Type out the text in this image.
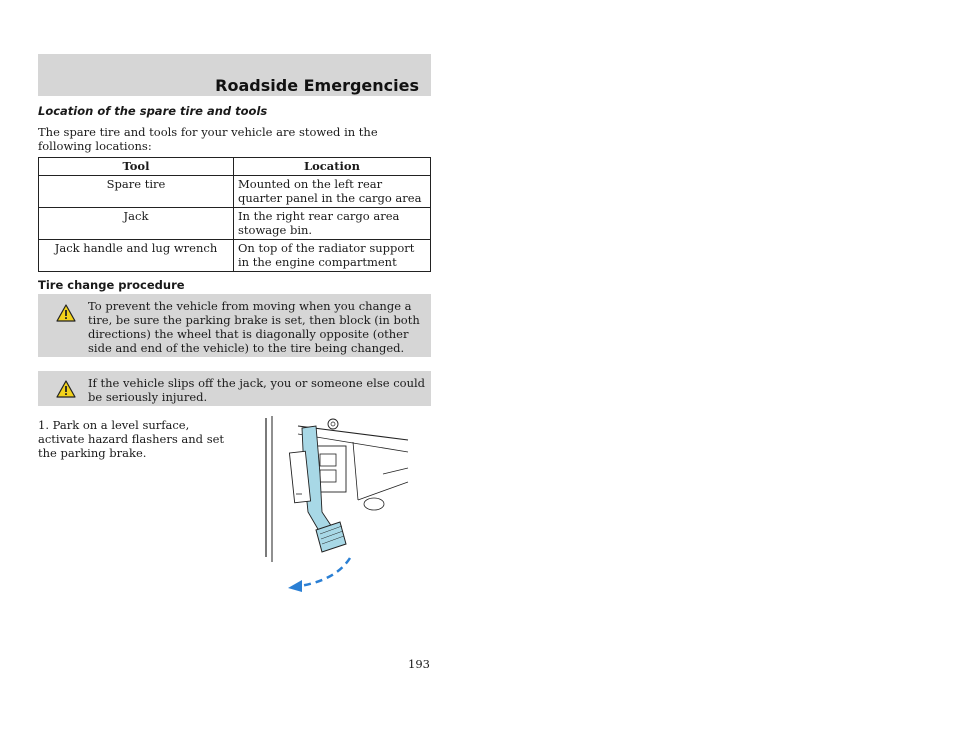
Roadside Emergencies
Location of the spare tire and tools
The spare tire and tools for your vehicle are stowed in the following locations:
Tool	Location
Spare tire	Mounted on the left rear quarter panel in the cargo area
Jack	In the right rear cargo area stowage bin.
Jack handle and lug wrench	On top of the radiator support in the engine compartment
Tire change procedure
To prevent the vehicle from moving when you change a tire, be sure the parking brake is set, then block (in both directions) the wheel that is diagonally opposite (other side and end of the vehicle) to the tire being changed.
If the vehicle slips off the jack, you or someone else could be seriously injured.
1. Park on a level surface, activate hazard flashers and set the parking brake.
193
